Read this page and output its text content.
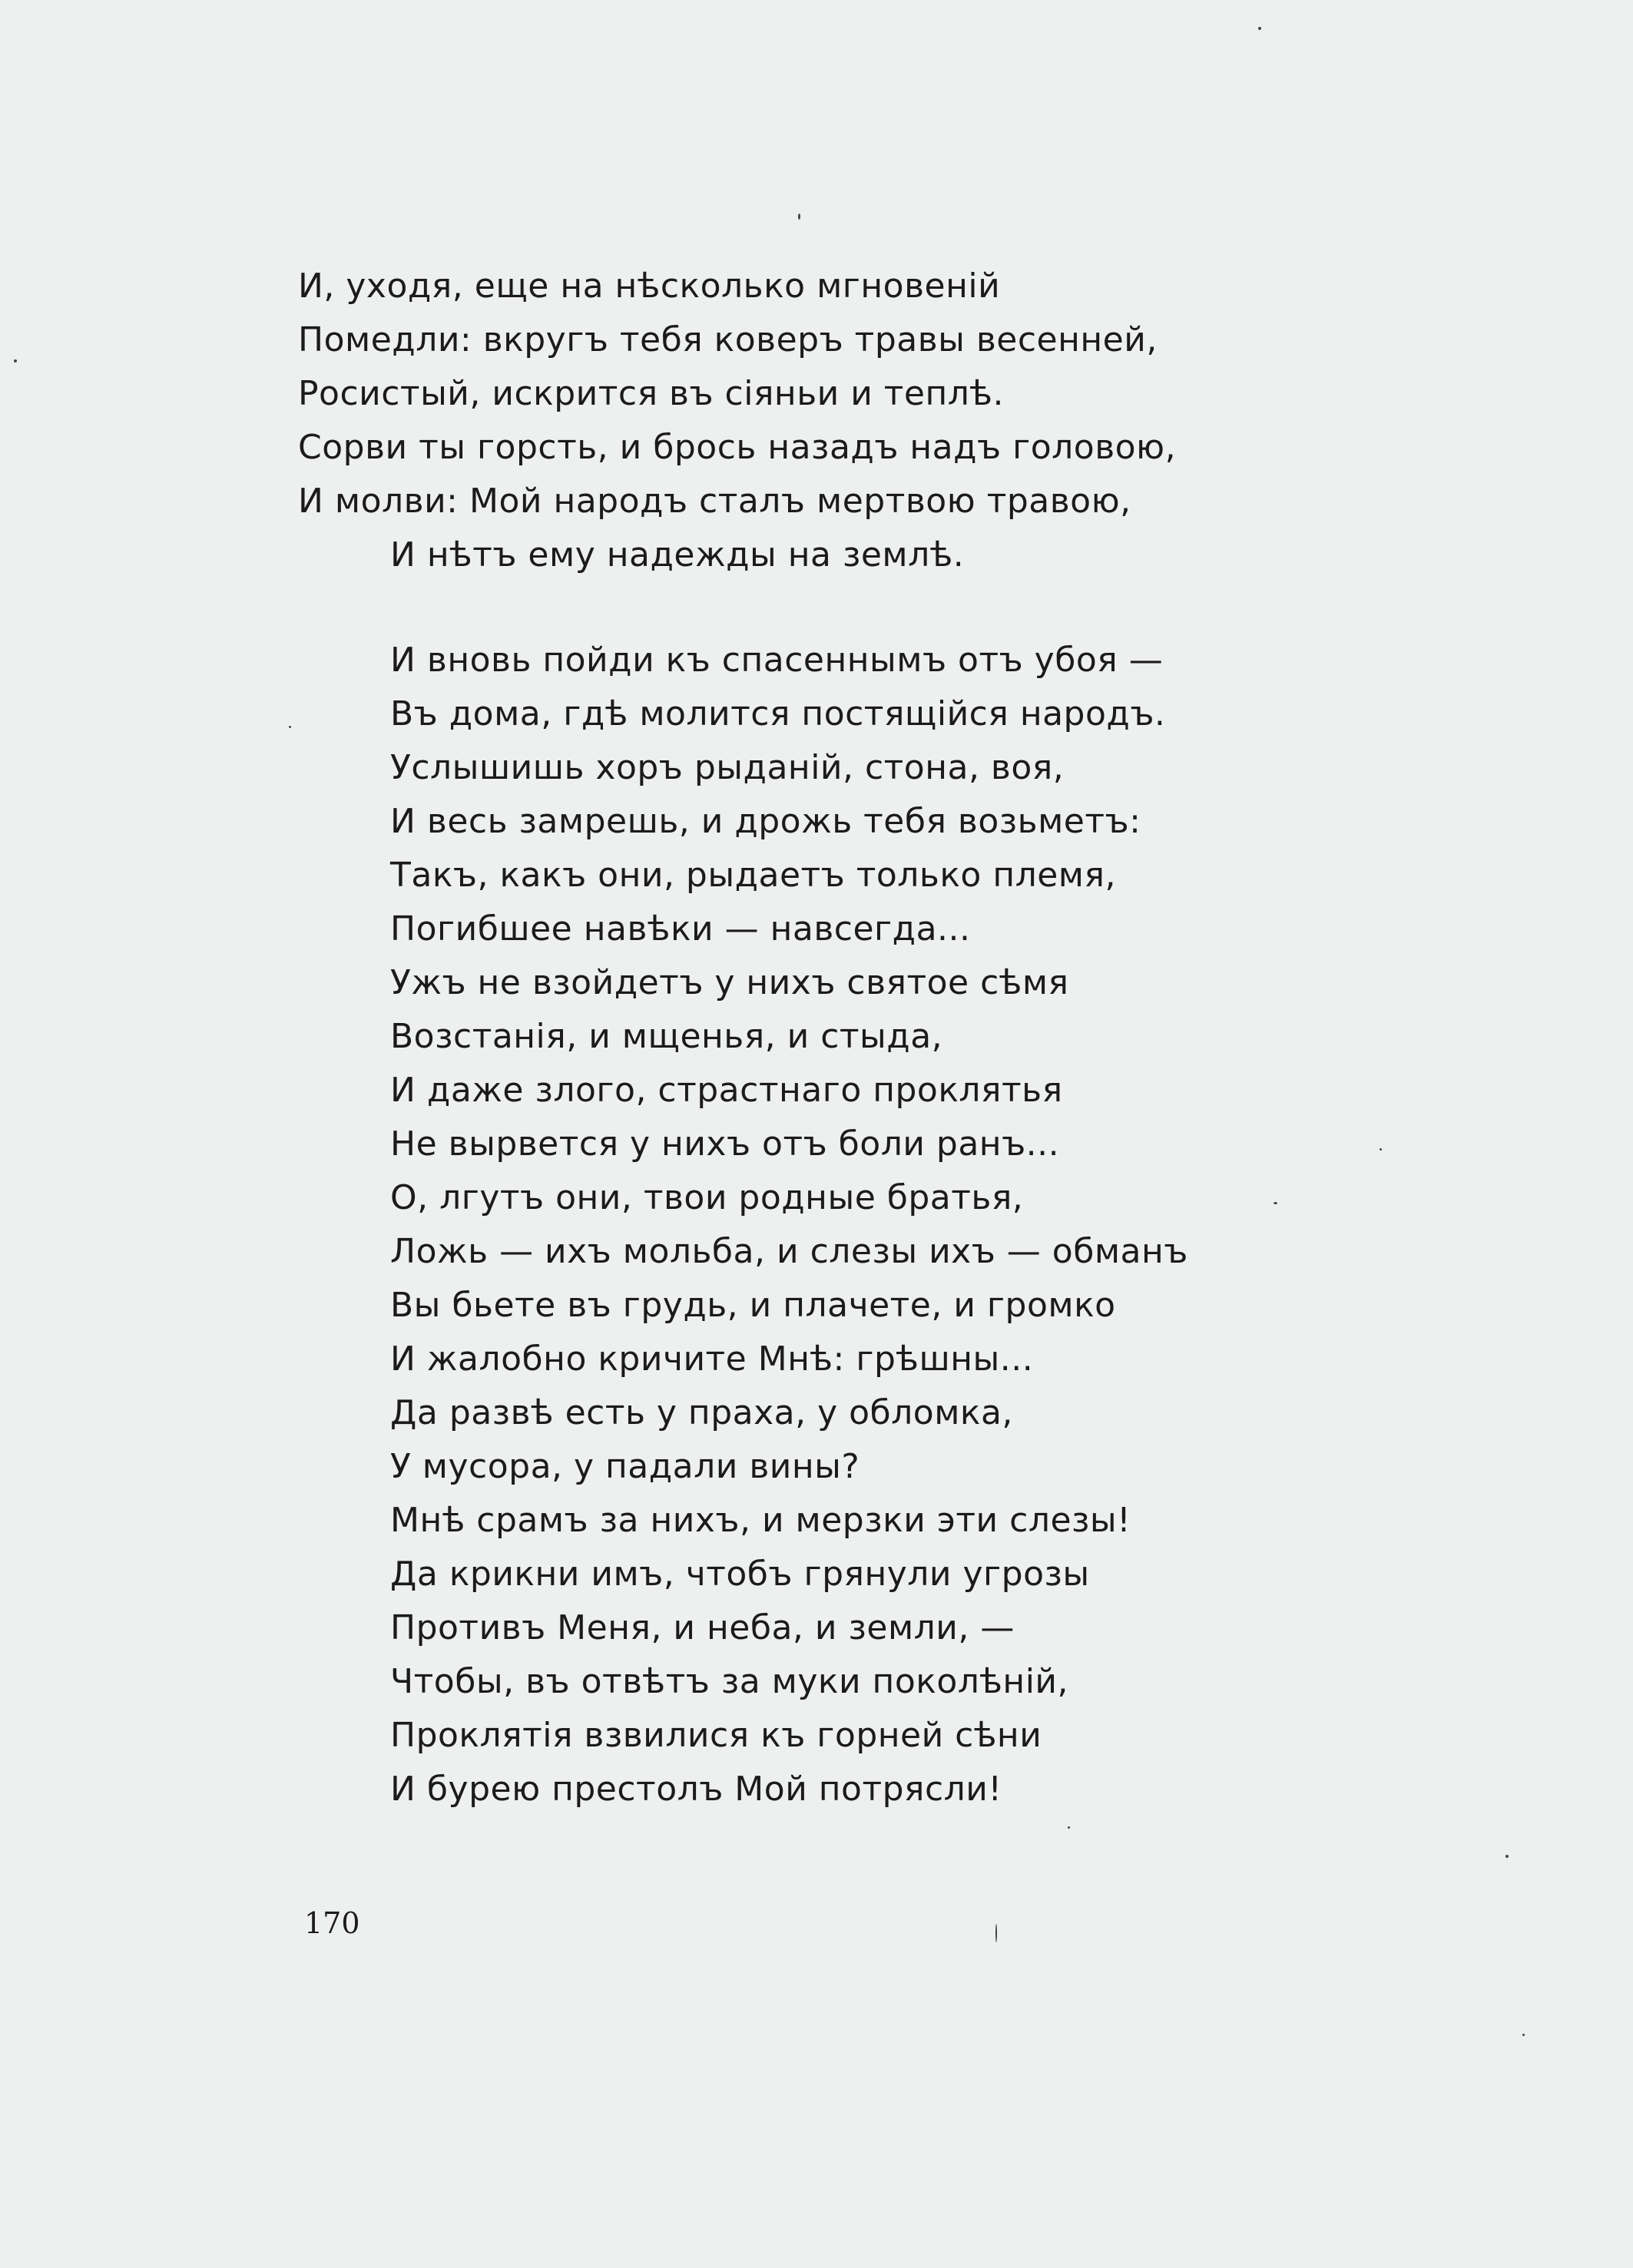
И, уходя, еще на нѣсколько мгновеній
Помедли: вкругъ тебя коверъ травы весенней,
Росистый, искрится въ сіяньи и теплѣ.
Сорви ты горсть, и брось назадъ надъ головою,
И молви: Мой народъ сталъ мертвою травою,
И нѣтъ ему надежды на землѣ.
И вновь пойди къ спасеннымъ отъ убоя —
Въ дома, гдѣ молится постящійся народъ.
Услышишь хоръ рыданій, стона, воя,
И весь замрешь, и дрожь тебя возьметъ:
Такъ, какъ они, рыдаетъ только племя,
Погибшее навѣки — навсегда...
Ужъ не взойдетъ у нихъ святое сѣмя
Возстанія, и мщенья, и стыда,
И даже злого, страстнаго проклятья
Не вырвется у нихъ отъ боли ранъ...
О, лгутъ они, твои родные братья,
Ложь — ихъ мольба, и слезы ихъ — обманъ
Вы бьете въ грудь, и плачете, и громко
И жалобно кричите Мнѣ: грѣшны...
Да развѣ есть у праха, у обломка,
У мусора, у падали вины?
Мнѣ срамъ за нихъ, и мерзки эти слезы!
Да крикни имъ, чтобъ грянули угрозы
Противъ Меня, и неба, и земли, —
Чтобы, въ отвѣтъ за муки поколѣній,
Проклятія взвилися къ горней сѣни
И бурею престолъ Мой потрясли!
170
